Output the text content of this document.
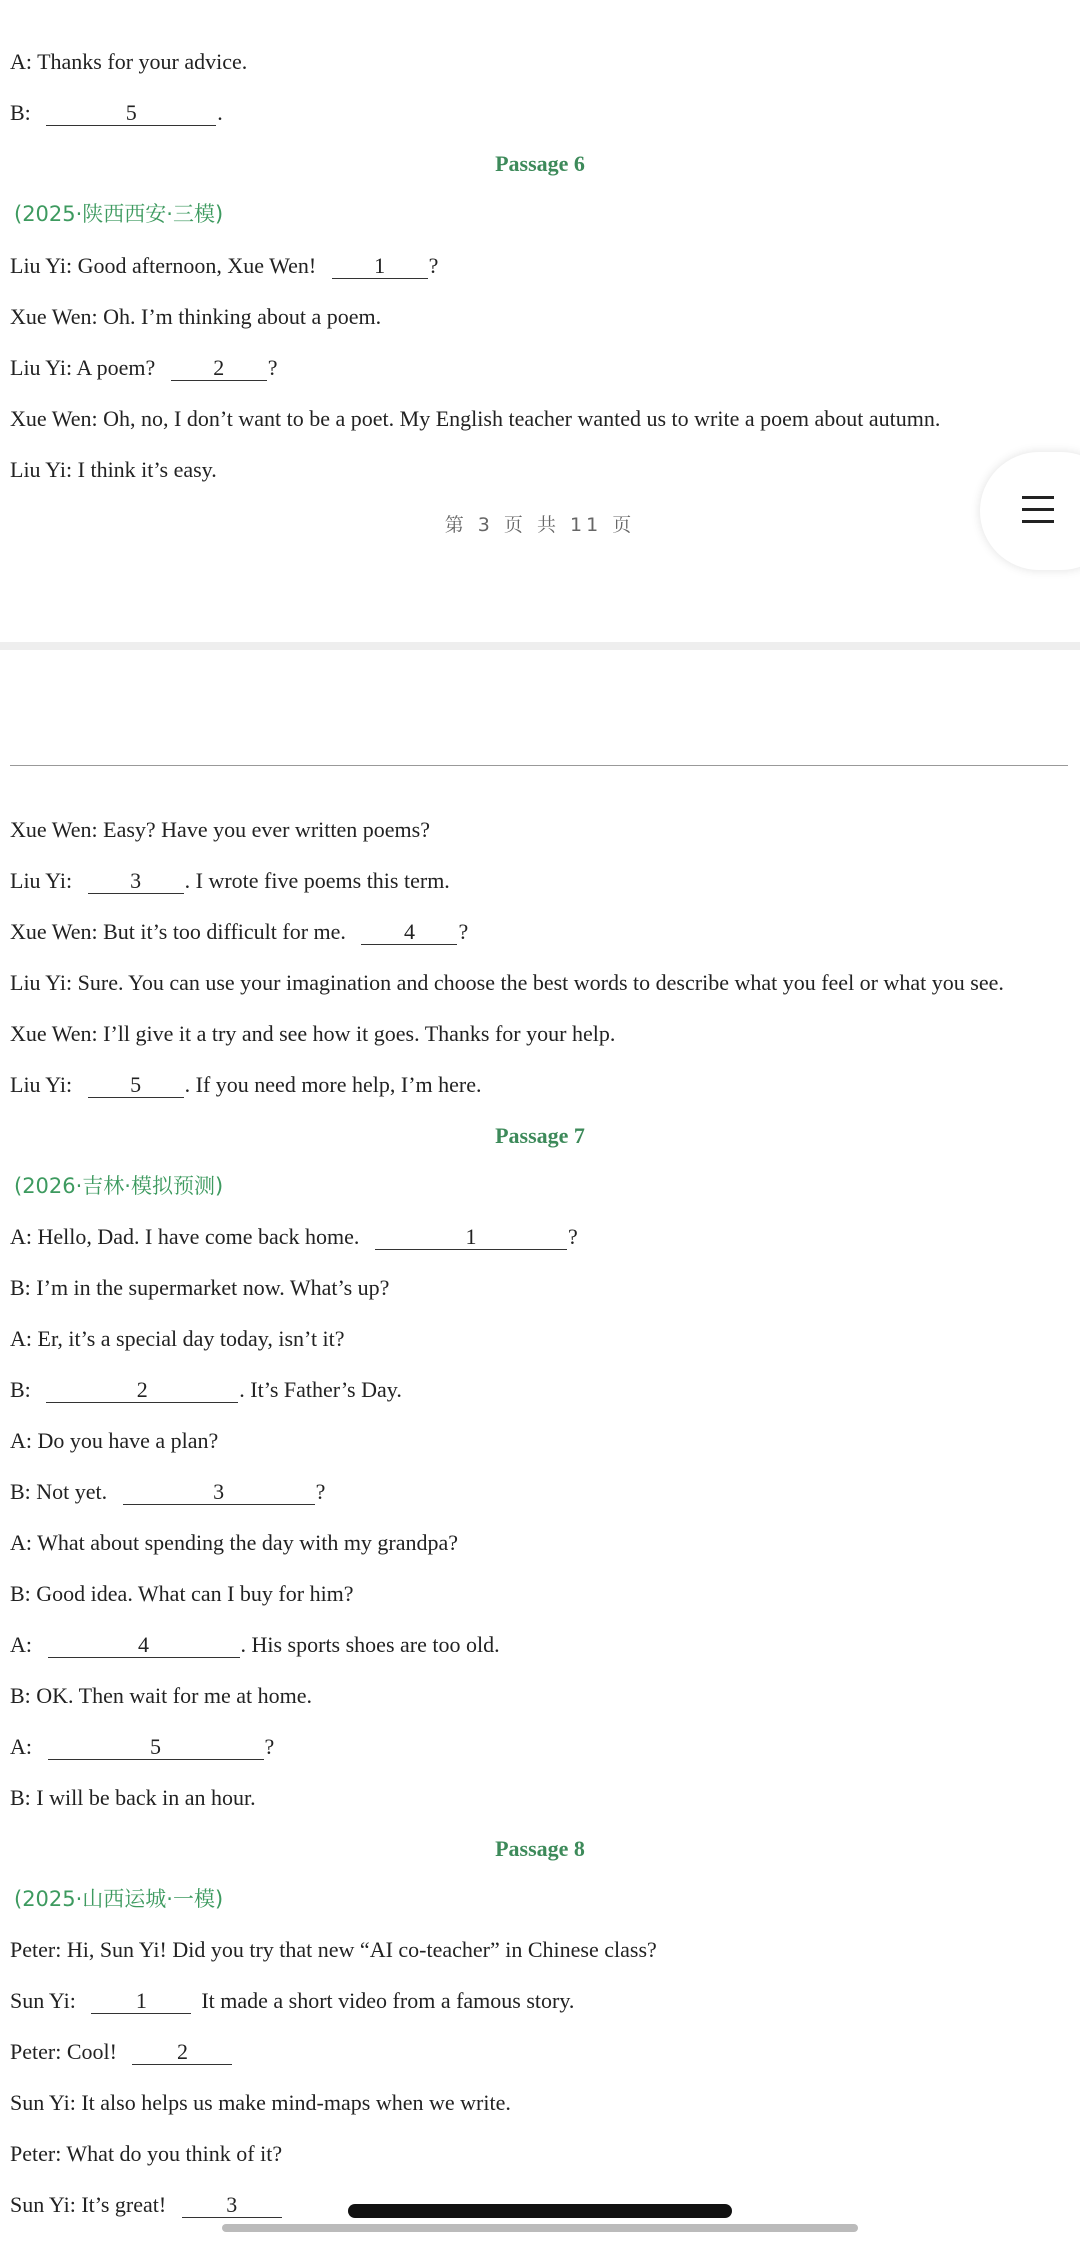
A: Thanks for your advice.
B:	5	.
Passage 6
(2025·陕西西安·三模)
Liu Yi: Good afternoon, Xue Wen!	1 ?
Xue Wen: Oh. I’m thinking about a poem.
Liu Yi: A poem?	2 ?
Xue Wen: Oh, no, I don’t want to be a poet. My English teacher wanted us to write a poem about autumn.
Liu Yi: I think it’s easy.
第 3 页 共 11 页
Xue Wen: Easy? Have you ever written poems?
Liu Yi:	3 . I wrote five poems this term.
Xue Wen: But it’s too difficult for me.	4 ?
Liu Yi: Sure. You can use your imagination and choose the best words to describe what you feel or what you see.
Xue Wen: I’ll give it a try and see how it goes. Thanks for your help.
Liu Yi:	5 . If you need more help, I’m here.
Passage 7
(2026·吉林·模拟预测)
A: Hello, Dad. I have come back home.	1	?
B: I’m in the supermarket now. What’s up?
A: Er, it’s a special day today, isn’t it?
B:	2	. It’s Father’s Day.
A: Do you have a plan?
B: Not yet.	3	?
A: What about spending the day with my grandpa?
B: Good idea. What can I buy for him?
A:	4	. His sports shoes are too old.
B: OK. Then wait for me at home.
A:	5	?
B: I will be back in an hour.
Passage 8
(2025·山西运城·一模)
Peter: Hi, Sun Yi! Did you try that new “AI co-teacher” in Chinese class?
Sun Yi:	1 It made a short video from a famous story.
Peter: Cool!	2
Sun Yi: It also helps us make mind-maps when we write.
Peter: What do you think of it?
Sun Yi: It’s great!	3
